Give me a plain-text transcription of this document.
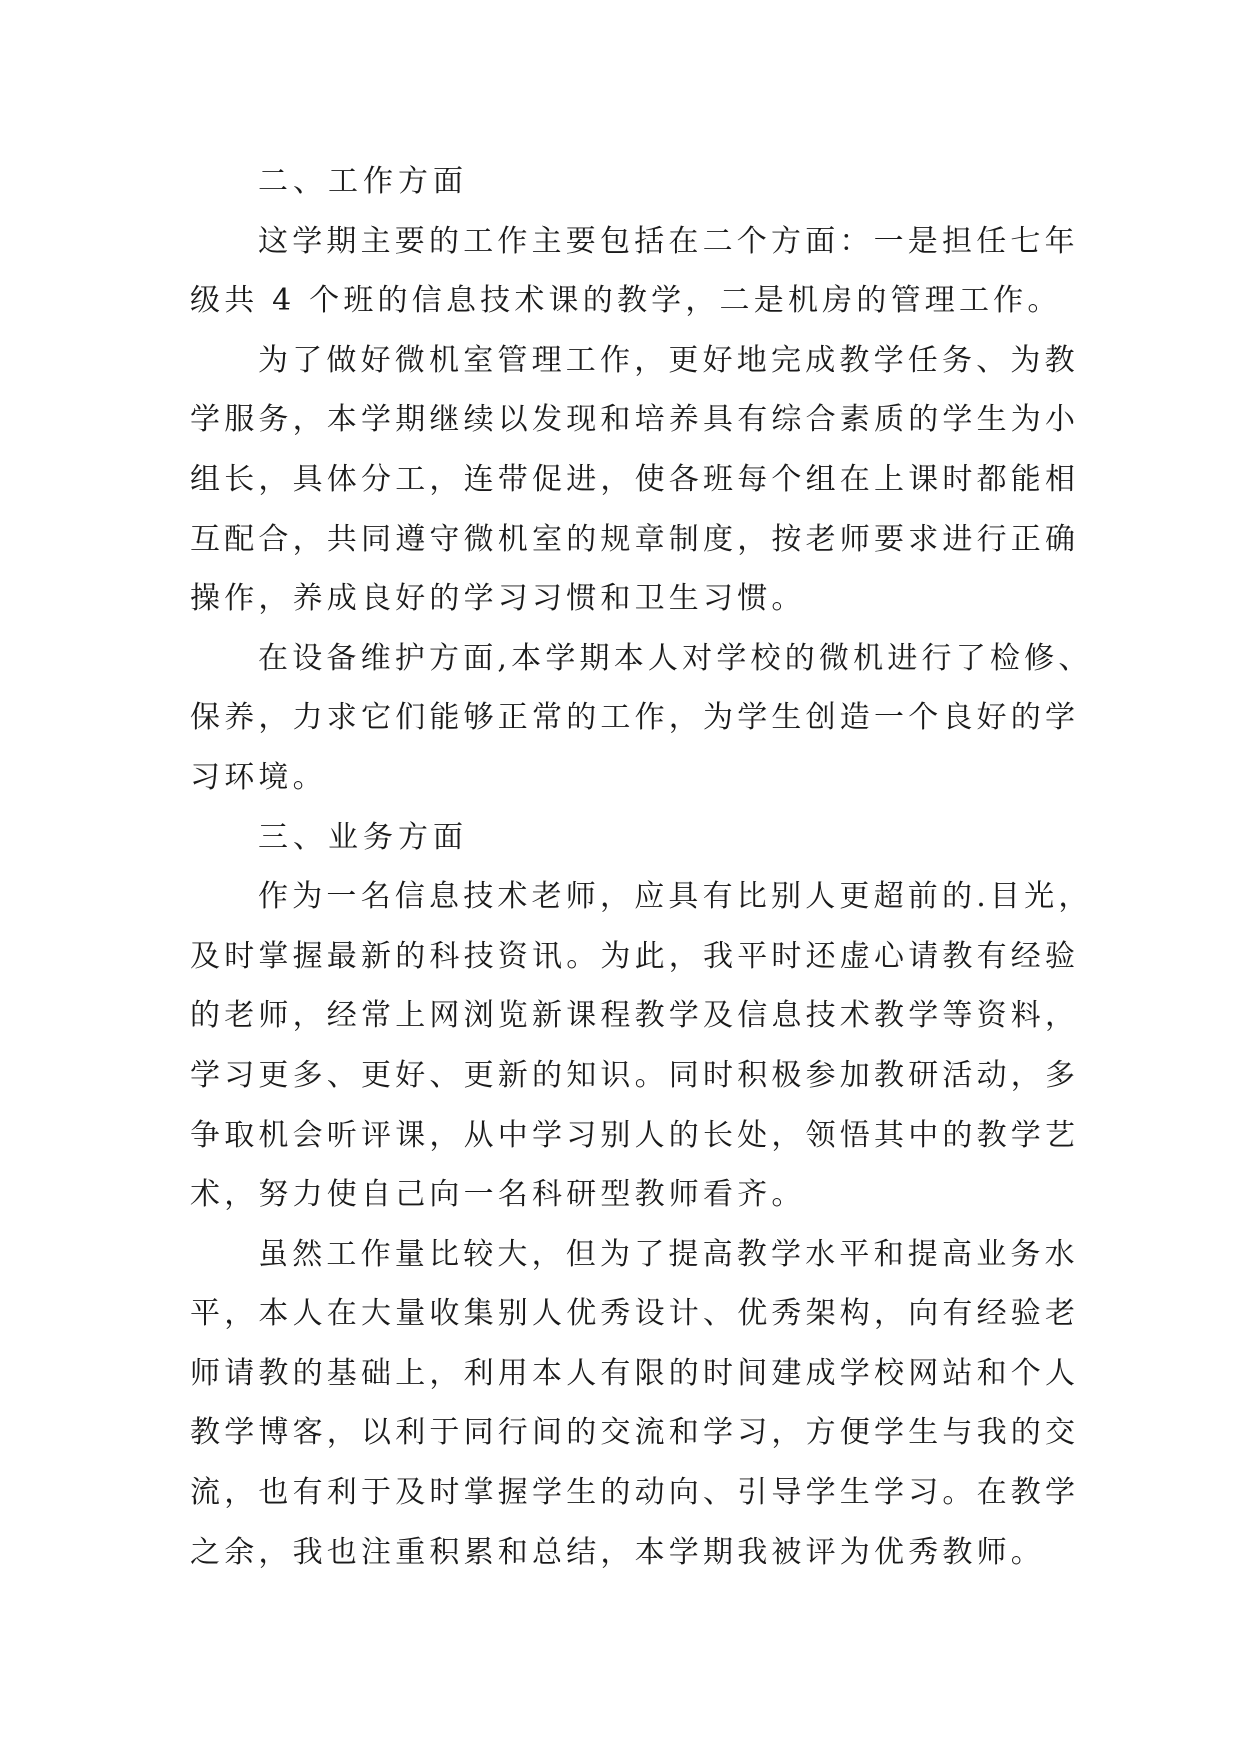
二、工作方面
这学期主要的工作主要包括在二个方面：一是担任七年
级共 4 个班的信息技术课的教学，二是机房的管理工作。
为了做好微机室管理工作，更好地完成教学任务、为教
学服务，本学期继续以发现和培养具有综合素质的学生为小
组长，具体分工，连带促进，使各班每个组在上课时都能相
互配合，共同遵守微机室的规章制度，按老师要求进行正确
操作，养成良好的学习习惯和卫生习惯。
在设备维护方面,本学期本人对学校的微机进行了检修、
保养，力求它们能够正常的工作，为学生创造一个良好的学
习环境。
三、业务方面
作为一名信息技术老师，应具有比别人更超前的.目光，
及时掌握最新的科技资讯。为此，我平时还虚心请教有经验
的老师，经常上网浏览新课程教学及信息技术教学等资料，
学习更多、更好、更新的知识。同时积极参加教研活动，多
争取机会听评课，从中学习别人的长处，领悟其中的教学艺
术，努力使自己向一名科研型教师看齐。
虽然工作量比较大，但为了提高教学水平和提高业务水
平，本人在大量收集别人优秀设计、优秀架构，向有经验老
师请教的基础上，利用本人有限的时间建成学校网站和个人
教学博客，以利于同行间的交流和学习，方便学生与我的交
流，也有利于及时掌握学生的动向、引导学生学习。在教学
之余，我也注重积累和总结，本学期我被评为优秀教师。
